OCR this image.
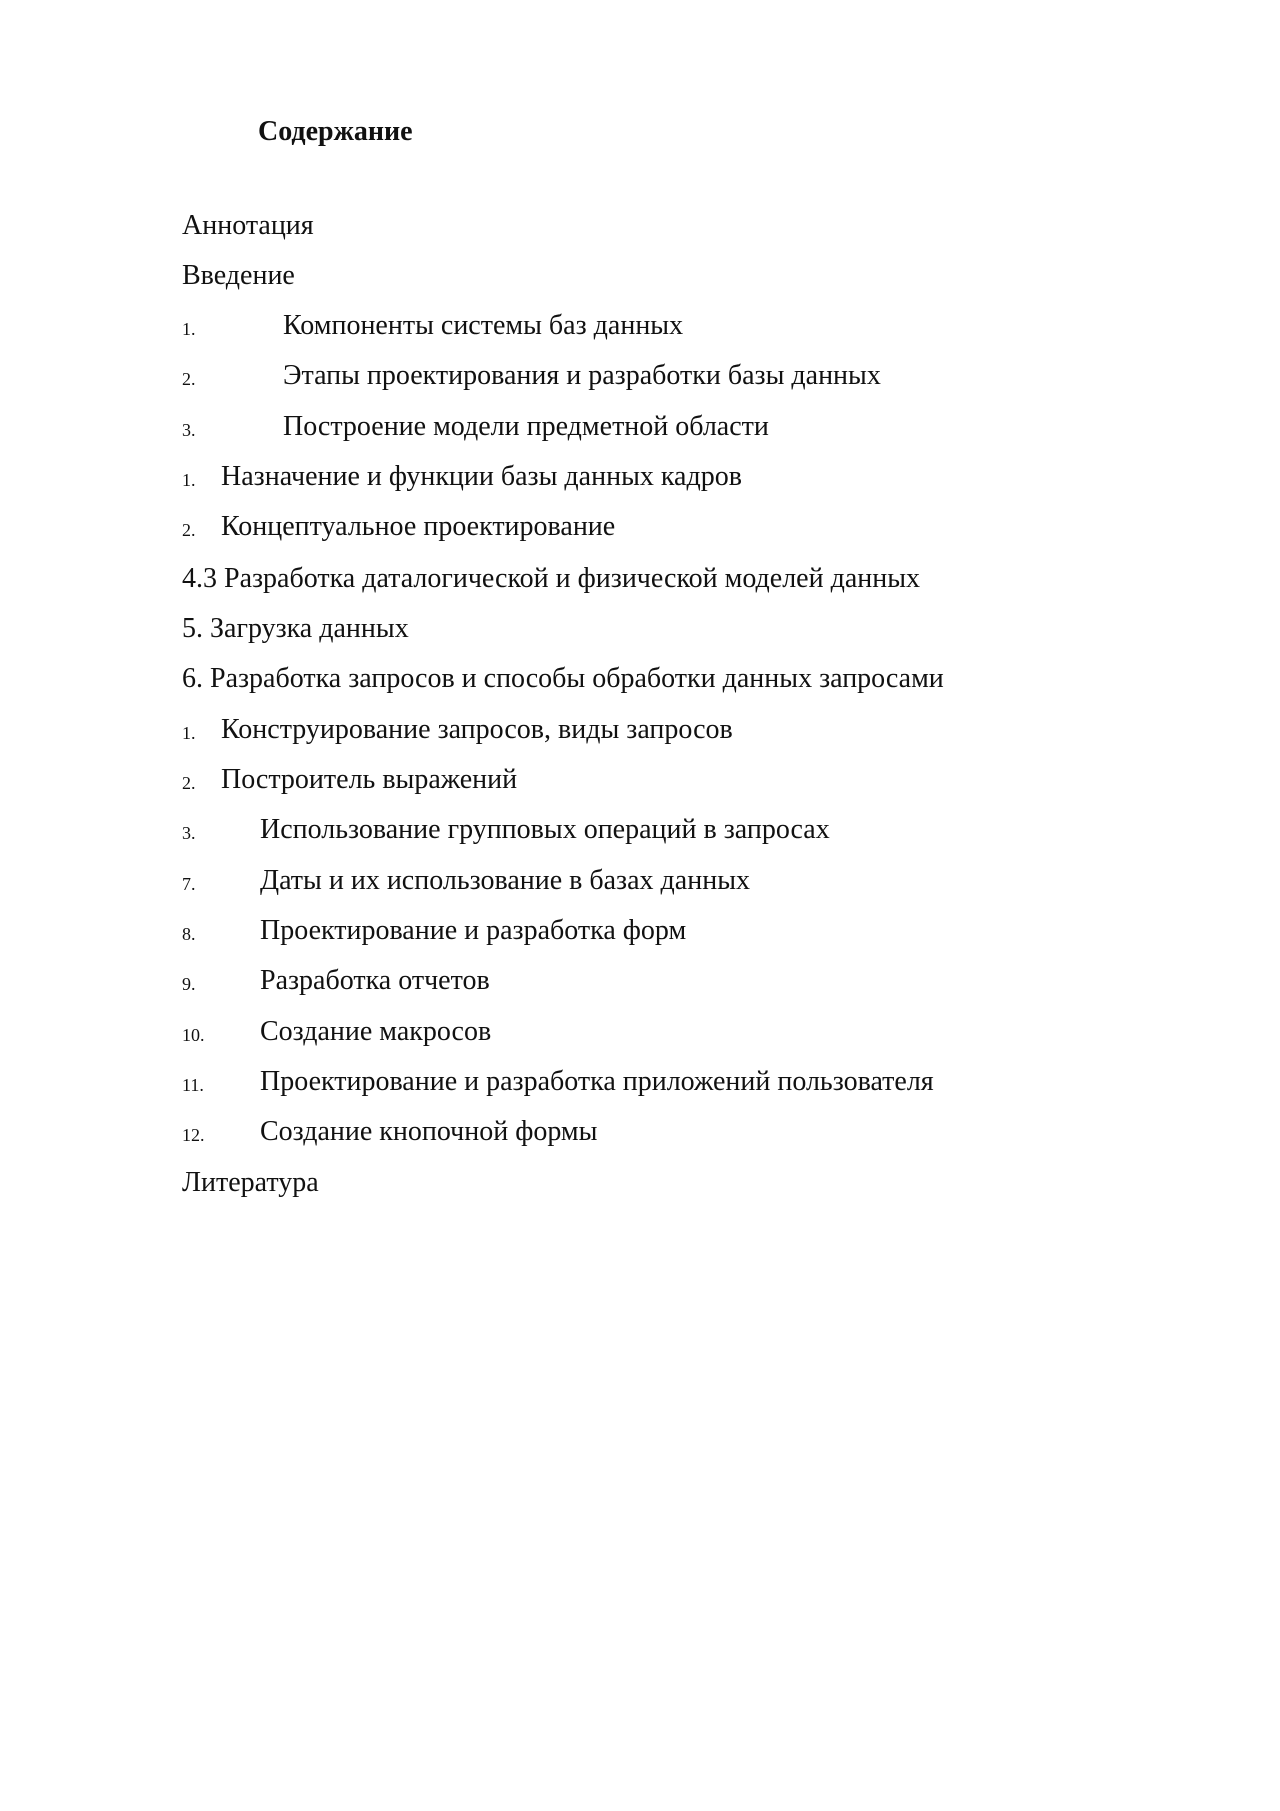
Содержание
Аннотация
Введение
1.	Компоненты системы баз данных
2.	Этапы проектирования и разработки базы данных
3.	Построение модели предметной области
1. Назначение и функции базы данных кадров
2. Концептуальное проектирование
4.3 Разработка даталогической и физической моделей данных
5. Загрузка данных
6. Разработка запросов и способы обработки данных запросами
1. Конструирование запросов, виды запросов
2. Построитель выражений
3. Использование групповых операций в запросах
7. Даты и их использование в базах данных
8. Проектирование и разработка форм
9. Разработка отчетов
10. Создание макросов
11. Проектирование и разработка приложений пользователя
12. Создание кнопочной формы
Литература
